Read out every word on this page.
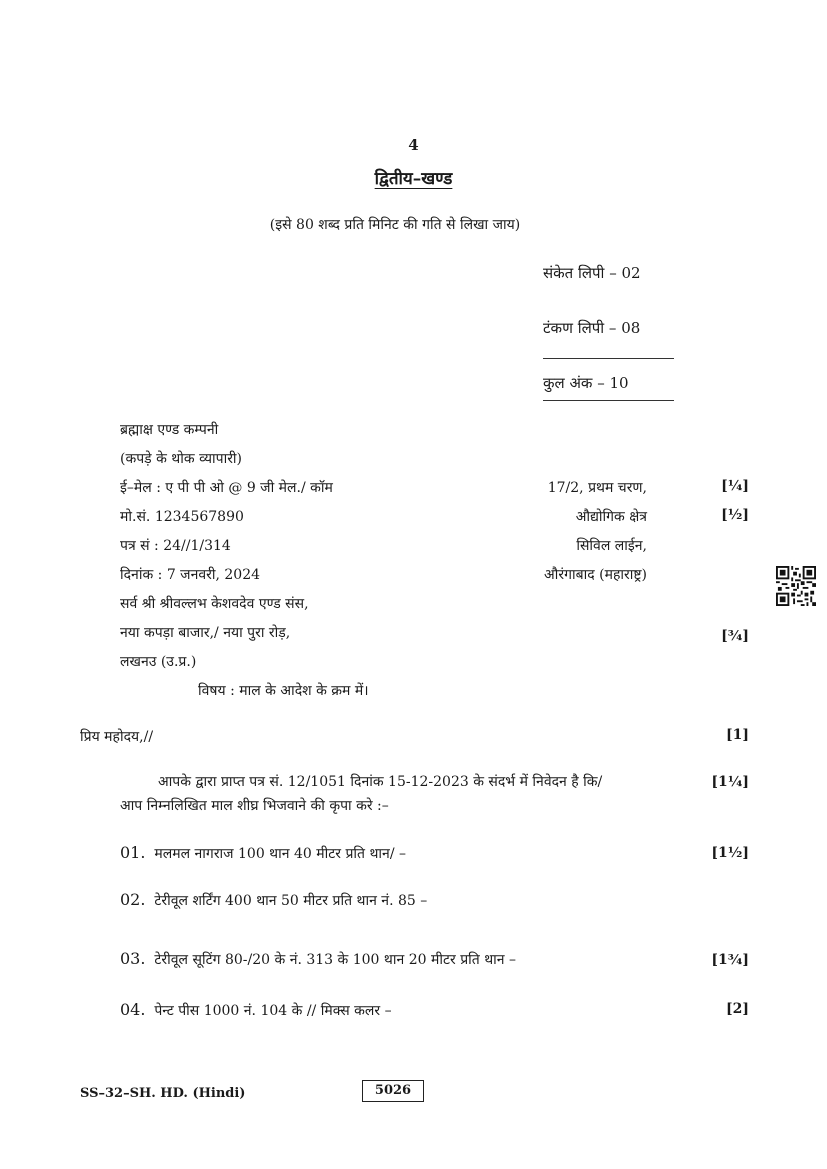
4
द्वितीय–खण्ड
(इसे 80 शब्द प्रति मिनिट की गति से लिखा जाय)
संकेत लिपी – 02
टंकण लिपी – 08
कुल अंक – 10
ब्रह्माक्ष एण्ड कम्पनी
(कपड़े के थोक व्यापारी)
ई–मेल : ए पी पी ओ @ 9 जी मेल./ कॉम
मो.सं. 1234567890
पत्र सं : 24//1/314
दिनांक : 7 जनवरी, 2024
17/2, प्रथम चरण,
औद्योगिक क्षेत्र
सिविल लाईन,
औरंगाबाद (महाराष्ट्र)
सर्व श्री श्रीवल्लभ केशवदेव एण्ड संस,
नया कपड़ा बाजार,/ नया पुरा रोड़,
लखनउ (उ.प्र.)
विषय : माल के आदेश के क्रम में।
प्रिय महोदय,//
आपके द्वारा प्राप्त पत्र सं. 12/1051 दिनांक 15-12-2023 के संदर्भ में निवेदन है कि/
आप निम्नलिखित माल शीघ्र भिजवाने की कृपा करे :–
01. मलमल नागराज 100 थान 40 मीटर प्रति थान/ –
02. टेरीवूल शर्टिंग 400 थान 50 मीटर प्रति थान नं. 85 –
03. टेरीवूल सूटिंग 80-/20 के नं. 313 के 100 थान 20 मीटर प्रति थान –
04. पेन्ट पीस 1000 नं. 104 के // मिक्स कलर –
[¼]
[½]
[¾]
[1]
[1¼]
[1½]
[1¾]
[2]
SS–32–SH. HD. (Hindi)	5026
